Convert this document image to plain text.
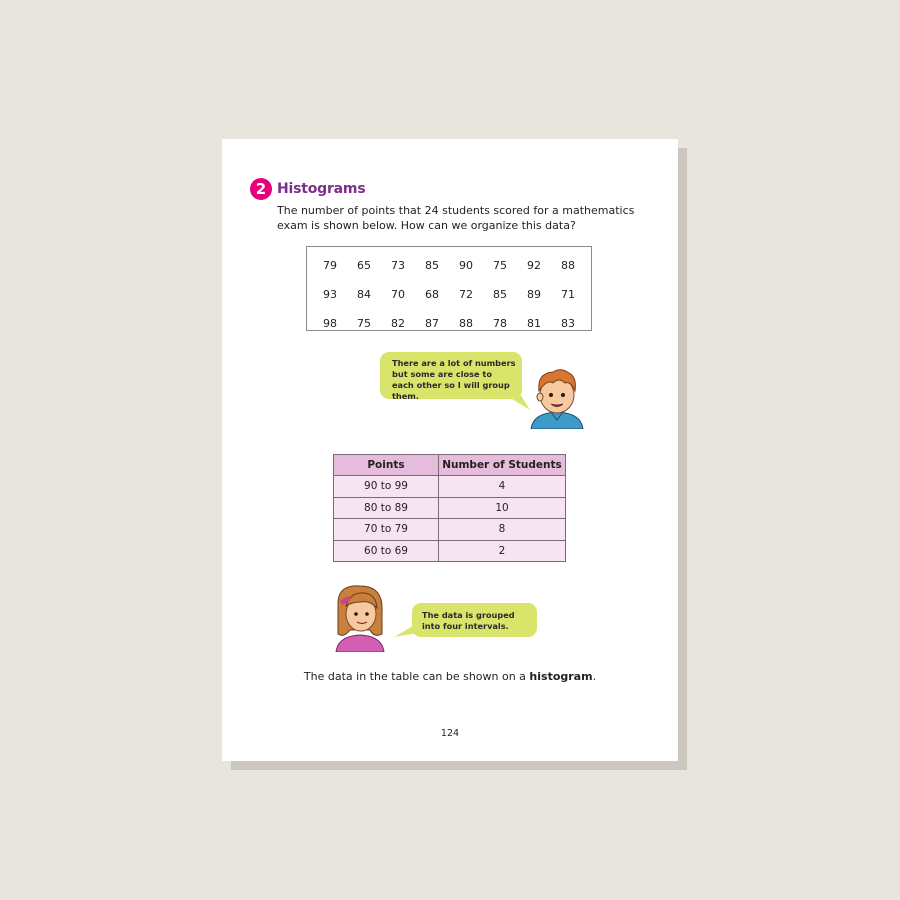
2 Histograms

The number of points that 24 students scored for a mathematics exam is shown below. How can we organize this data?

79	65	73	85	90	75	92	88
93	84	70	68	72	85	89	71
98	75	82	87	88	78	81	83
There are a lot of numbers but some are close to each other so I will group them.
Points	Number of Students
90 to 99	4
80 to 89	10
70 to 79	8
60 to 69	2
The data is grouped into four intervals.

The data in the table can be shown on a histogram.

124
